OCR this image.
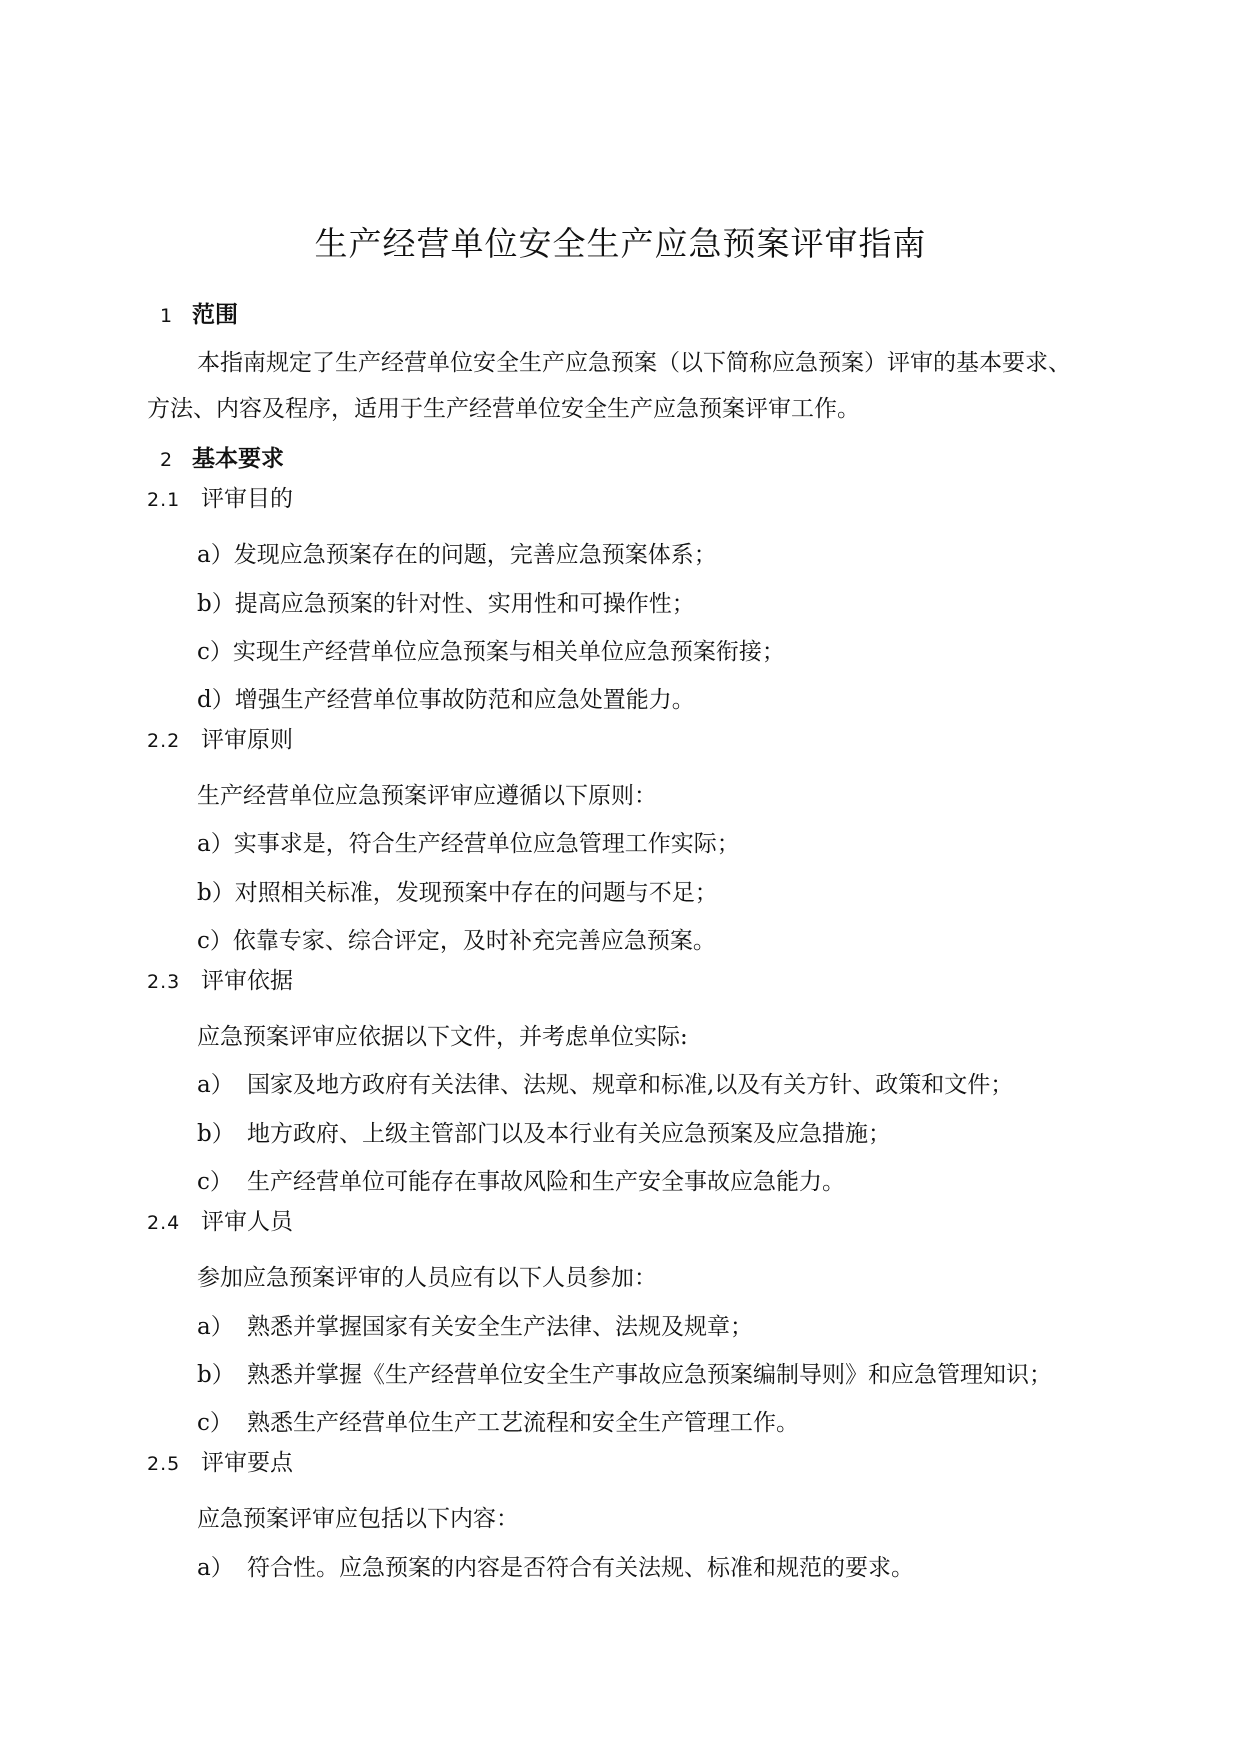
生产经营单位安全生产应急预案评审指南
1 范围
本指南规定了生产经营单位安全生产应急预案（以下简称应急预案）评审的基本要求、
方法、内容及程序，适用于生产经营单位安全生产应急预案评审工作。
2 基本要求
2.1 评审目的
a）发现应急预案存在的问题，完善应急预案体系；
b）提高应急预案的针对性、实用性和可操作性；
c）实现生产经营单位应急预案与相关单位应急预案衔接；
d）增强生产经营单位事故防范和应急处置能力。
2.2 评审原则
生产经营单位应急预案评审应遵循以下原则：
a）实事求是，符合生产经营单位应急管理工作实际；
b）对照相关标准，发现预案中存在的问题与不足；
c）依靠专家、综合评定，及时补充完善应急预案。
2.3 评审依据
应急预案评审应依据以下文件，并考虑单位实际:
a） 国家及地方政府有关法律、法规、规章和标准,以及有关方针、政策和文件；
b） 地方政府、上级主管部门以及本行业有关应急预案及应急措施；
c） 生产经营单位可能存在事故风险和生产安全事故应急能力。
2.4 评审人员
参加应急预案评审的人员应有以下人员参加：
a） 熟悉并掌握国家有关安全生产法律、法规及规章；
b） 熟悉并掌握《生产经营单位安全生产事故应急预案编制导则》和应急管理知识；
c） 熟悉生产经营单位生产工艺流程和安全生产管理工作。
2.5 评审要点
应急预案评审应包括以下内容：
a） 符合性。应急预案的内容是否符合有关法规、标准和规范的要求。
